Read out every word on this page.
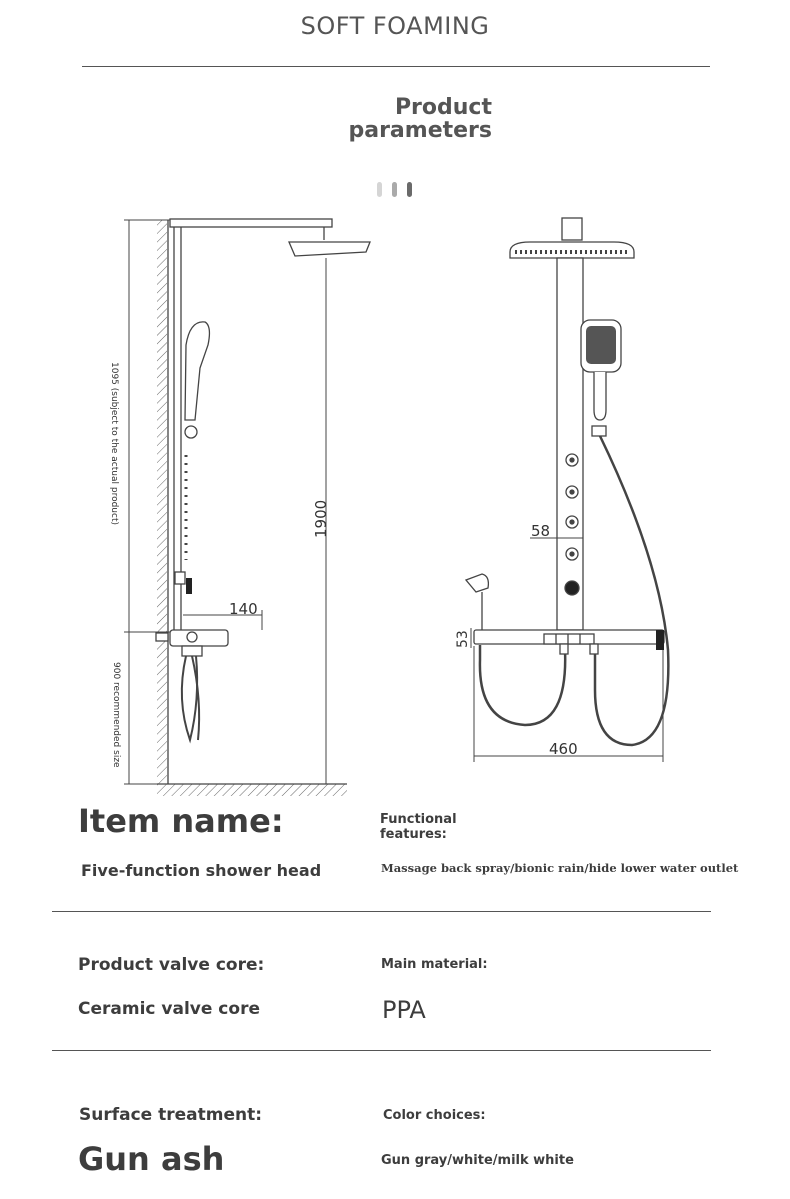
SOFT FOAMING
Product
parameters
1095 (subject to the actual product)
900 recommended size
1900
140
58
53
460
Item name:	Functional features:
Five-function shower head	Massage back spray/bionic rain/hide lower water outlet
Product valve core:	Main material:
Ceramic valve core	PPA
Surface treatment:	Color choices:
Gun ash	Gun gray/white/milk white
